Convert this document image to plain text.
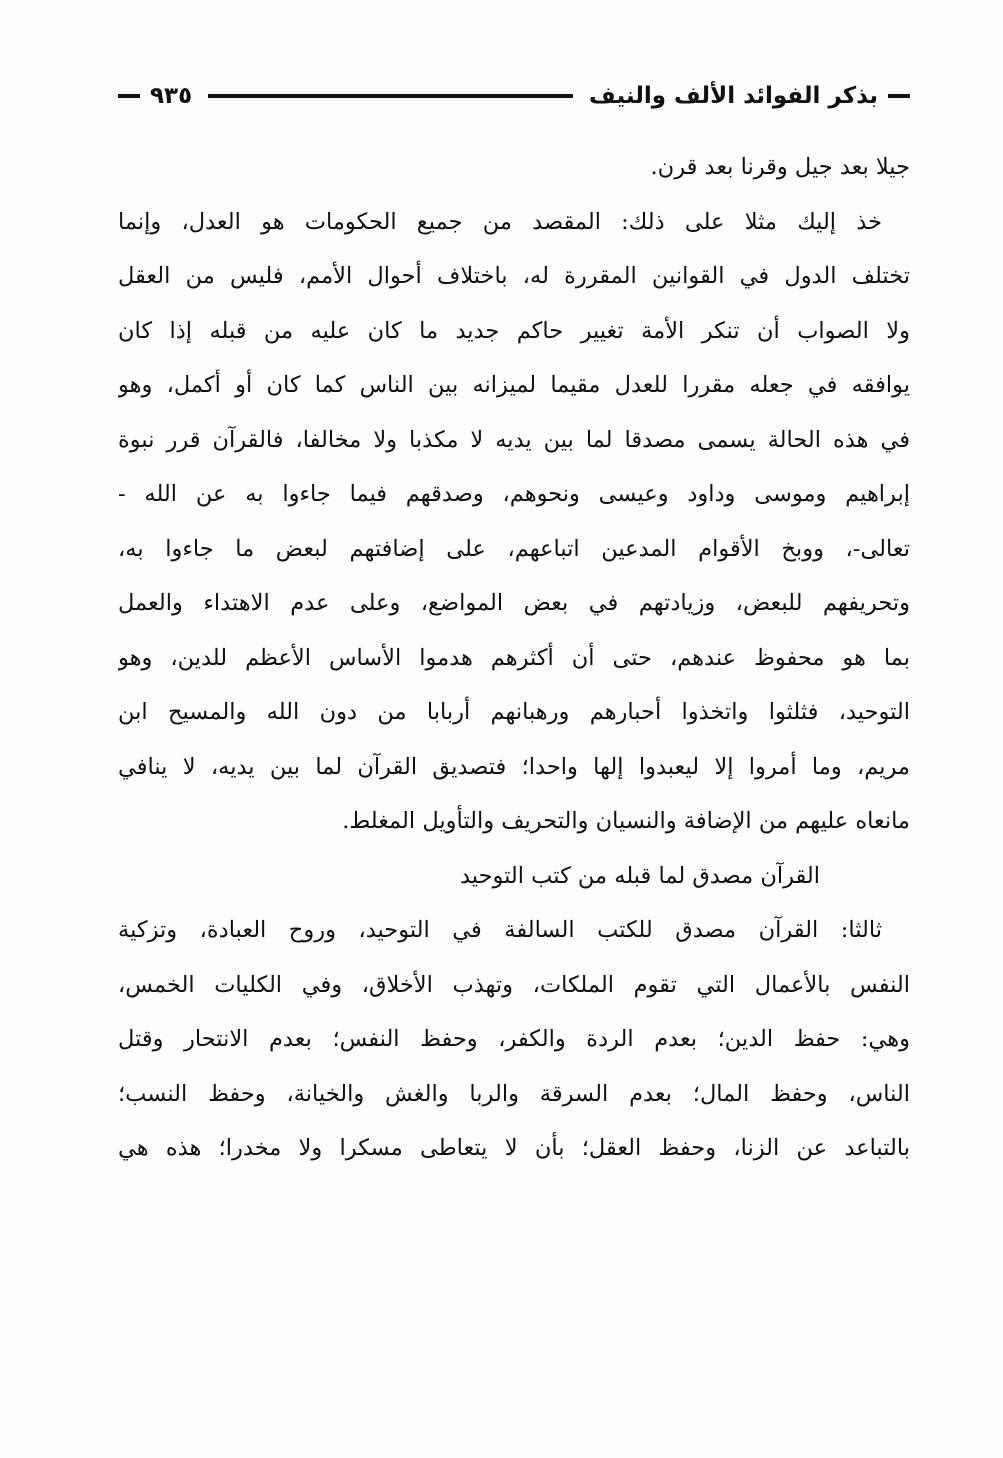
بذكر الفوائد الألف والنيف
٩٣٥
جيلا بعد جيل وقرنا بعد قرن.
خذ إليك مثلا على ذلك: المقصد من جميع الحكومات هو العدل، وإنما
تختلف الدول في القوانين المقررة له، باختلاف أحوال الأمم، فليس من العقل
ولا الصواب أن تنكر الأمة تغيير حاكم جديد ما كان عليه من قبله إذا كان
يوافقه في جعله مقررا للعدل مقيما لميزانه بين الناس كما كان أو أكمل، وهو
في هذه الحالة يسمى مصدقا لما بين يديه لا مكذبا ولا مخالفا، فالقرآن قرر نبوة
إبراهيم وموسى وداود وعيسى ونحوهم، وصدقهم فيما جاءوا به عن الله -
تعالى-، ووبخ الأقوام المدعين اتباعهم، على إضافتهم لبعض ما جاءوا به،
وتحريفهم للبعض، وزيادتهم في بعض المواضع، وعلى عدم الاهتداء والعمل
بما هو محفوظ عندهم، حتى أن أكثرهم هدموا الأساس الأعظم للدين، وهو
التوحيد، فثلثوا واتخذوا أحبارهم ورهبانهم أربابا من دون الله والمسيح ابن
مريم، وما أمروا إلا ليعبدوا إلها واحدا؛ فتصديق القرآن لما بين يديه، لا ينافي
مانعاه عليهم من الإضافة والنسيان والتحريف والتأويل المغلط.
القرآن مصدق لما قبله من كتب التوحيد
ثالثا: القرآن مصدق للكتب السالفة في التوحيد، وروح العبادة، وتزكية
النفس بالأعمال التي تقوم الملكات، وتهذب الأخلاق، وفي الكليات الخمس،
وهي: حفظ الدين؛ بعدم الردة والكفر، وحفظ النفس؛ بعدم الانتحار وقتل
الناس، وحفظ المال؛ بعدم السرقة والربا والغش والخيانة، وحفظ النسب؛
بالتباعد عن الزنا، وحفظ العقل؛ بأن لا يتعاطى مسكرا ولا مخدرا؛ هذه هي
